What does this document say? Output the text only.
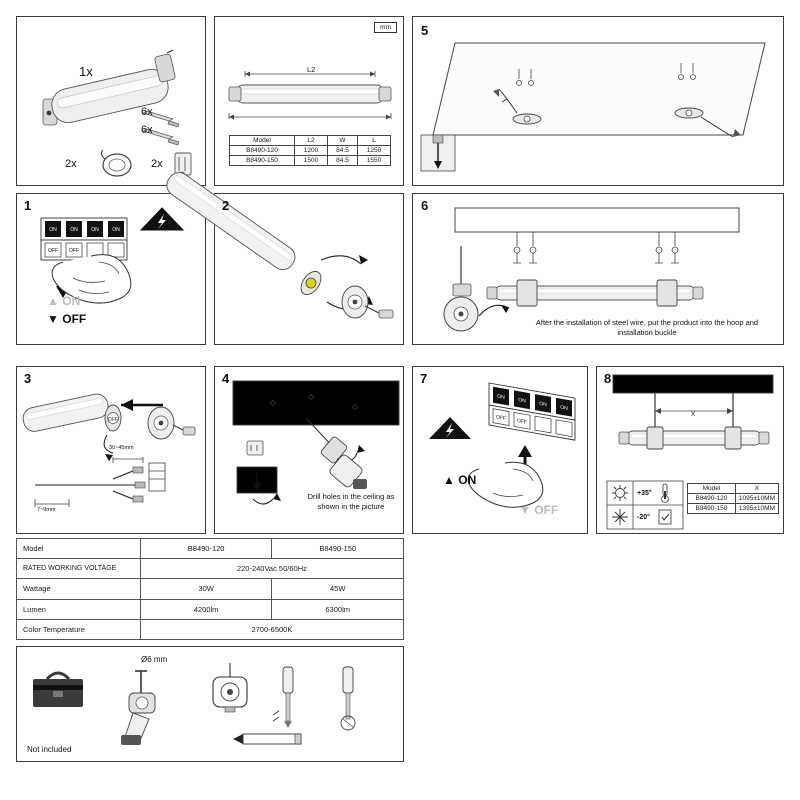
1x
6x
6x
2x	2x
mm
L2
Model	L2	W	L
B8490-120	1200	84.5	1250
B8490-150	1500	84.5	1550
5
1
ON	ON	ON	ON
OFF OFF
▲ ON
▼ OFF
2	6
After the installation of steel wire, put the product into the hoop and installation buckle
3
OFF
30~45mm
7~9mm
4
Drill holes in the ceiling as shown in the picture
7
ON
ON
ON
ON
OFF OFF
▲ ON
▼ OFF
8
X
+35°
-20°
Model	X
B8490-120	1095±10MM
B8490-150	1395±10MM
Model	B8490-120	B8490-150
RATED WORKING VOLTAGE	220-240Vac 50/60Hz	
Wattage	30W	45W
Lumen	4200lm	6300lm
Color Temperature	2700-6500K	
Ø6 mm
Not included
